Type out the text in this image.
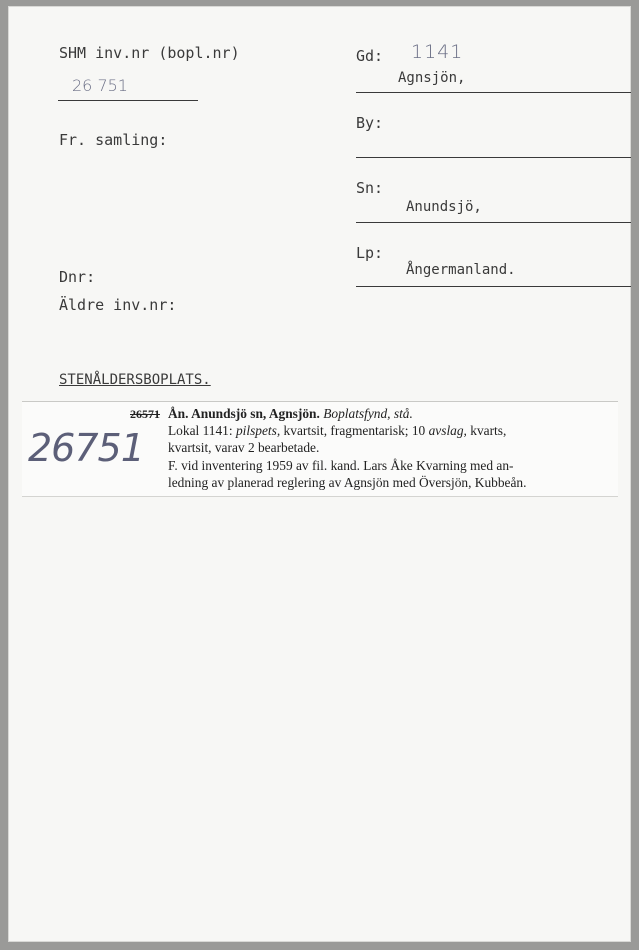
SHM inv.nr (bopl.nr)
26 751
Fr. samling:
Dnr:
Äldre inv.nr:
Gd: 1141
Agnsjön,
By:
Sn:
Anundsjö,
Lp:
Ångermanland.
STENÅLDERSBOPLATS.
26751
26571 Ån. Anundsjö sn, Agnsjön. Boplatsfynd, stå.
Lokal 1141: pilspets, kvartsit, fragmentarisk; 10 avslag, kvarts,
kvartsit, varav 2 bearbetade.
F. vid inventering 1959 av fil. kand. Lars Åke Kvarning med an-
ledning av planerad reglering av Agnsjön med Översjön, Kubbeån.
